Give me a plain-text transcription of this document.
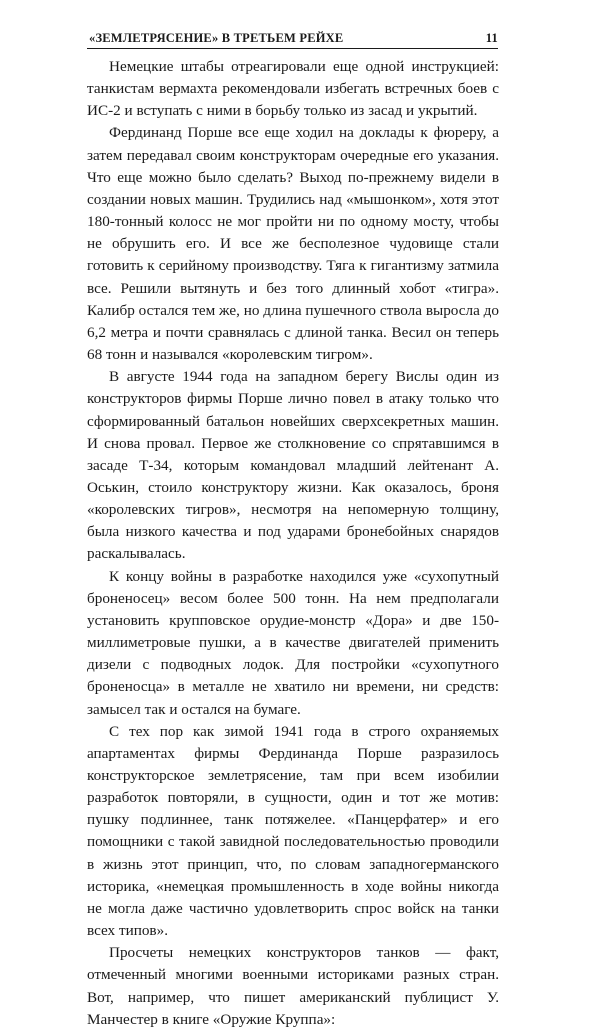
«ЗЕМЛЕТРЯСЕНИЕ» В ТРЕТЬЕМ РЕЙХЕ	11

Немецкие штабы отреагировали еще одной инструкцией: танкистам вермахта рекомендовали избегать встречных боев с ИС-2 и вступать с ними в борьбу только из засад и укрытий.

Фердинанд Порше все еще ходил на доклады к фюреру, а затем передавал своим конструкторам очередные его указания. Что еще можно было сделать? Выход по-прежнему видели в создании новых машин. Трудились над «мышонком», хотя этот 180-тонный колосс не мог пройти ни по одному мосту, чтобы не обрушить его. И все же бесполезное чудовище стали готовить к серийному производству. Тяга к гигантизму затмила все. Решили вытянуть и без того длинный хобот «тигра». Калибр остался тем же, но длина пушечного ствола выросла до 6,2 метра и почти сравнялась с длиной танка. Весил он теперь 68 тонн и назывался «королевским тигром».

В августе 1944 года на западном берегу Вислы один из конструкторов фирмы Порше лично повел в атаку только что сформированный батальон новейших сверхсекретных машин. И снова провал. Первое же столкновение со спрятавшимся в засаде Т-34, которым командовал младший лейтенант А. Оськин, стоило конструктору жизни. Как оказалось, броня «королевских тигров», несмотря на непомерную толщину, была низкого качества и под ударами бронебойных снарядов раскалывалась.

К концу войны в разработке находился уже «сухопутный броненосец» весом более 500 тонн. На нем предполагали установить крупповское орудие-монстр «Дора» и две 150-миллиметровые пушки, а в качестве двигателей применить дизели с подводных лодок. Для постройки «сухопутного броненосца» в металле не хватило ни времени, ни средств: замысел так и остался на бумаге.

С тех пор как зимой 1941 года в строго охраняемых апартаментах фирмы Фердинанда Порше разразилось конструкторское землетрясение, там при всем изобилии разработок повторяли, в сущности, один и тот же мотив: пушку подлиннее, танк потяжелее. «Панцерфатер» и его помощники с такой завидной последовательностью проводили в жизнь этот принцип, что, по словам западногерманского историка, «немецкая промышленность в ходе войны никогда не могла даже частично удовлетворить спрос войск на танки всех типов».

Просчеты немецких конструкторов танков — факт, отмеченный многими военными историками разных стран. Вот, например, что пишет американский публицист У. Манчестер в книге «Оружие Круппа»:
